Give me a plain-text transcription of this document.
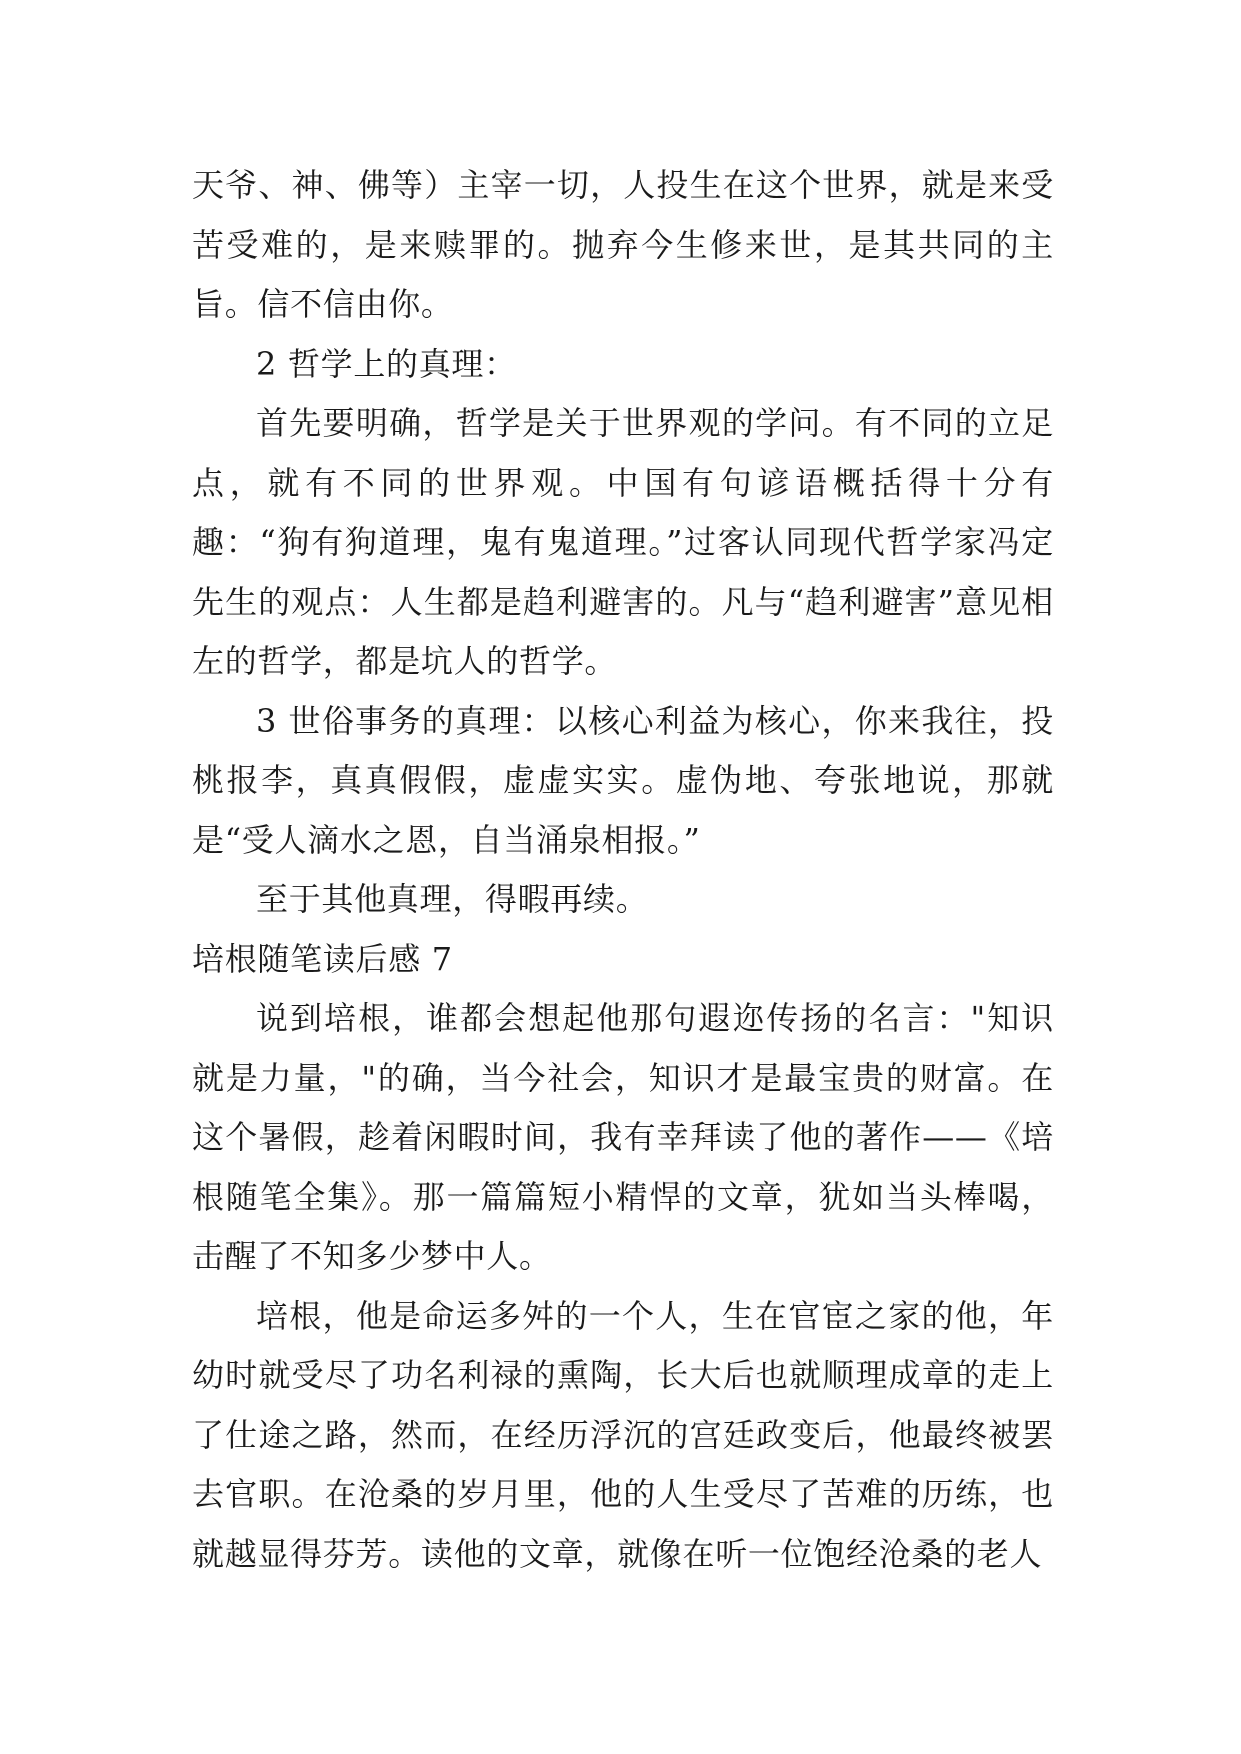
天爷、神、佛等）主宰一切，人投生在这个世界，就是来受苦受难的，是来赎罪的。抛弃今生修来世，是其共同的主旨。信不信由你。

2 哲学上的真理：

首先要明确，哲学是关于世界观的学问。有不同的立足点，就有不同的世界观。中国有句谚语概括得十分有趣：“狗有狗道理，鬼有鬼道理。”过客认同现代哲学家冯定先生的观点：人生都是趋利避害的。凡与“趋利避害”意见相左的哲学，都是坑人的哲学。

3 世俗事务的真理：以核心利益为核心，你来我往，投桃报李，真真假假，虚虚实实。虚伪地、夸张地说，那就是“受人滴水之恩，自当涌泉相报。”

至于其他真理，得暇再续。

培根随笔读后感 7

说到培根，谁都会想起他那句遐迩传扬的名言："知识就是力量，"的确，当今社会，知识才是最宝贵的财富。在这个暑假，趁着闲暇时间，我有幸拜读了他的著作——《培根随笔全集》。那一篇篇短小精悍的文章，犹如当头棒喝，击醒了不知多少梦中人。

培根，他是命运多舛的一个人，生在官宦之家的他，年幼时就受尽了功名利禄的熏陶，长大后也就顺理成章的走上了仕途之路，然而，在经历浮沉的宫廷政变后，他最终被罢去官职。在沧桑的岁月里，他的人生受尽了苦难的历练，也就越显得芬芳。读他的文章，就像在听一位饱经沧桑的老人
